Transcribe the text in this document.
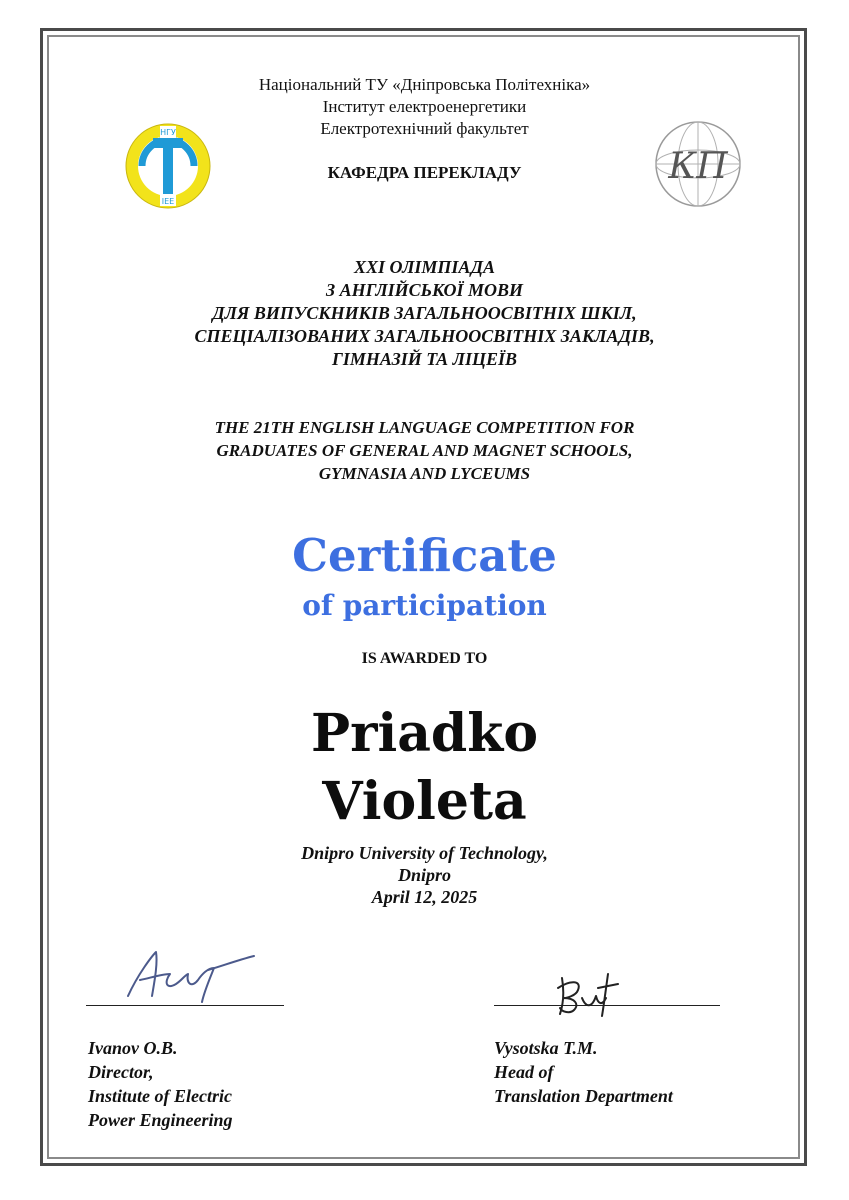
НГУ
IEE
КП
Національний ТУ «Дніпровська Політехніка»
Інститут електроенергетики
Електротехнічний факультет
КАФЕДРА ПЕРЕКЛАДУ
XXI ОЛІМПІАДА
З АНГЛІЙСЬКОЇ МОВИ
ДЛЯ ВИПУСКНИКІВ ЗАГАЛЬНООСВІТНІХ ШКІЛ,
СПЕЦІАЛІЗОВАНИХ ЗАГАЛЬНООСВІТНІХ ЗАКЛАДІВ,
ГІМНАЗІЙ ТА ЛІЦЕЇВ
THE 21TH ENGLISH LANGUAGE COMPETITION FOR
GRADUATES OF GENERAL AND MAGNET SCHOOLS,
GYMNASIA AND LYCEUMS
Certificate
of participation
IS AWARDED TO
Priadko
Violeta
Dnipro University of Technology,
Dnipro
April 12, 2025
Ivanov O.B.
Director,
Institute of Electric
Power Engineering
Vysotska T.M.
Head of
Translation Department
